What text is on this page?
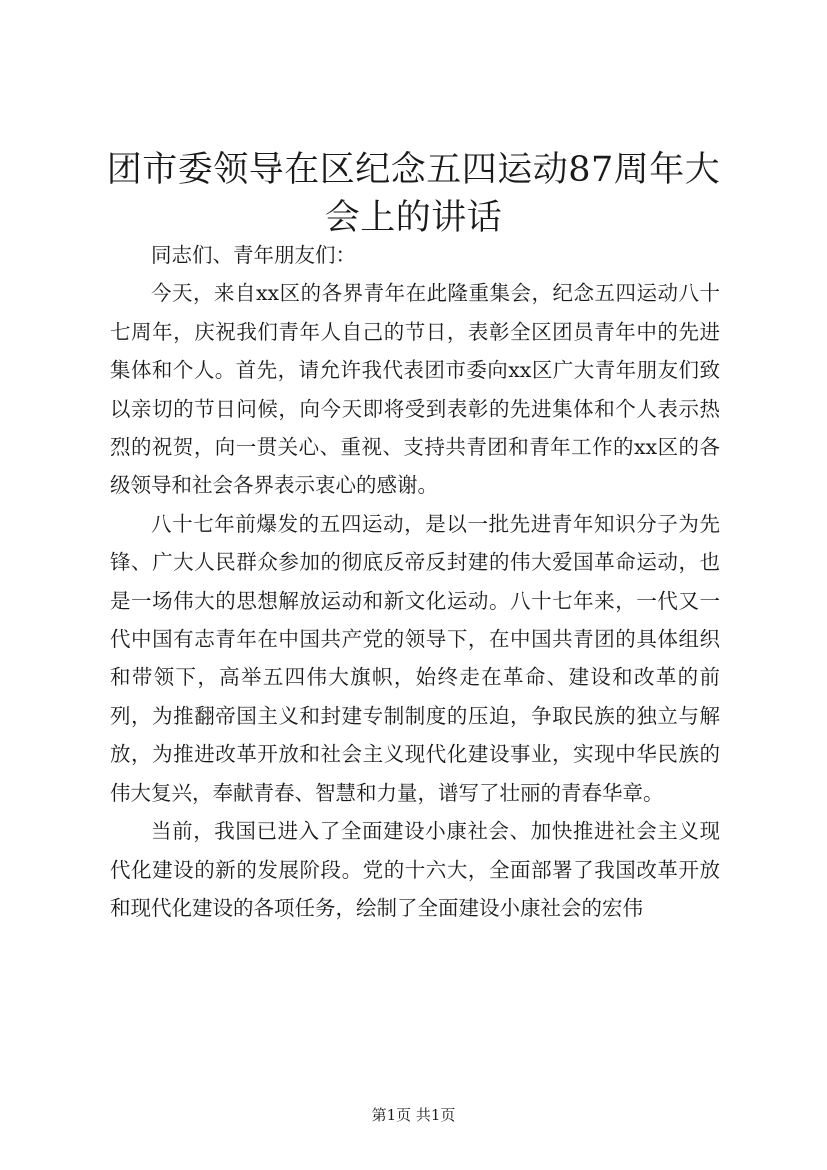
团市委领导在区纪念五四运动87周年大会上的讲话

同志们、青年朋友们：

今天，来自xx区的各界青年在此隆重集会，纪念五四运动八十七周年，庆祝我们青年人自己的节日，表彰全区团员青年中的先进集体和个人。首先，请允许我代表团市委向xx区广大青年朋友们致以亲切的节日问候，向今天即将受到表彰的先进集体和个人表示热烈的祝贺，向一贯关心、重视、支持共青团和青年工作的xx区的各级领导和社会各界表示衷心的感谢。

八十七年前爆发的五四运动，是以一批先进青年知识分子为先锋、广大人民群众参加的彻底反帝反封建的伟大爱国革命运动，也是一场伟大的思想解放运动和新文化运动。八十七年来，一代又一代中国有志青年在中国共产党的领导下，在中国共青团的具体组织和带领下，高举五四伟大旗帜，始终走在革命、建设和改革的前列，为推翻帝国主义和封建专制制度的压迫，争取民族的独立与解放，为推进改革开放和社会主义现代化建设事业，实现中华民族的伟大复兴，奉献青春、智慧和力量，谱写了壮丽的青春华章。

当前，我国已进入了全面建设小康社会、加快推进社会主义现代化建设的新的发展阶段。党的十六大，全面部署了我国改革开放和现代化建设的各项任务，绘制了全面建设小康社会的宏伟

第1页 共1页
